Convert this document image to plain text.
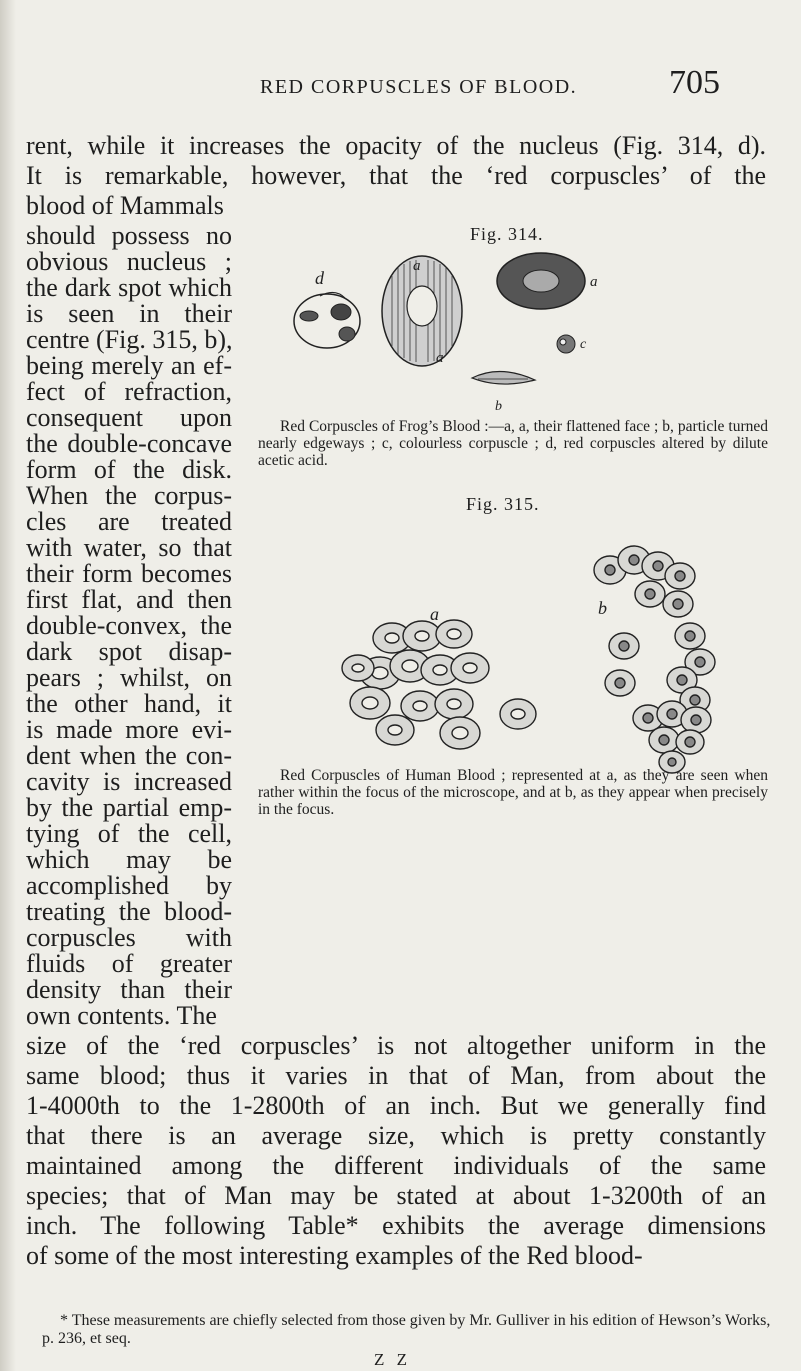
RED CORPUSCLES OF BLOOD.	705
rent, while it increases the opacity of the nucleus (Fig. 314, d).
It is remarkable, however, that the ‘red corpuscles’ of the
blood of Mammals
should possess no
obvious nucleus ;
the dark spot which
is seen in their
centre (Fig. 315, b),
being merely an ef-
fect of refraction,
consequent upon
the double-concave
form of the disk.
When the corpus-
cles are treated
with water, so that
their form becomes
first flat, and then
double-convex, the
dark spot disap-
pears ; whilst, on
the other hand, it
is made more evi-
dent when the con-
cavity is increased
by the partial emp-
tying of the cell,
which may be
accomplished by
treating the blood-
corpuscles with
fluids of greater
density than their
own contents. The
size of the ‘red corpuscles’ is not altogether uniform in the
same blood; thus it varies in that of Man, from about the
1-4000th to the 1-2800th of an inch. But we generally find
that there is an average size, which is pretty constantly
maintained among the different individuals of the same
species; that of Man may be stated at about 1-3200th of an
inch. The following Table* exhibits the average dimensions
of some of the most interesting examples of the Red blood-
Fig. 314.
d
a
a
a
c
b

Red Corpuscles of Frog’s Blood :—a, a, their flattened face ; b, particle turned nearly edgeways ; c, colourless corpuscle ; d, red corpuscles altered by dilute acetic acid.

Fig. 315.
a	b

Red Corpuscles of Human Blood ; represented at a, as they are seen when rather within the focus of the microscope, and at b, as they appear when precisely in the focus.

* These measurements are chiefly selected from those given by Mr. Gulliver in his edition of Hewson’s Works, p. 236, et seq.

Z Z
